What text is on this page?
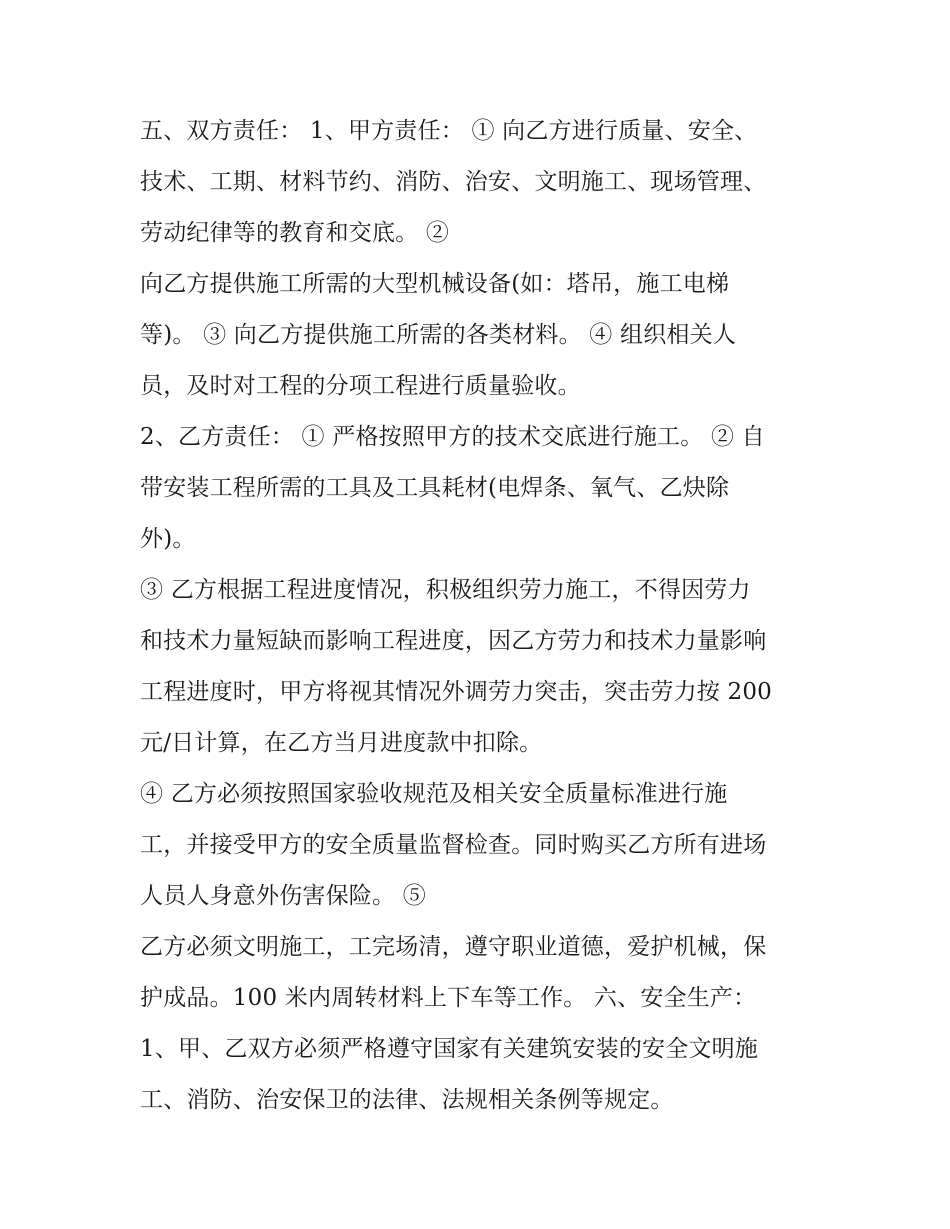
五、双方责任： 1、甲方责任： ① 向乙方进行质量、安全、
技术、工期、材料节约、消防、治安、文明施工、现场管理、
劳动纪律等的教育和交底。 ②
向乙方提供施工所需的大型机械设备(如：塔吊，施工电梯
等)。 ③ 向乙方提供施工所需的各类材料。 ④ 组织相关人
员，及时对工程的分项工程进行质量验收。
2、乙方责任： ① 严格按照甲方的技术交底进行施工。 ② 自
带安装工程所需的工具及工具耗材(电焊条、氧气、乙炔除
外)。
③ 乙方根据工程进度情况，积极组织劳力施工，不得因劳力
和技术力量短缺而影响工程进度，因乙方劳力和技术力量影响
工程进度时，甲方将视其情况外调劳力突击，突击劳力按 200
元/日计算，在乙方当月进度款中扣除。
④ 乙方必须按照国家验收规范及相关安全质量标准进行施
工，并接受甲方的安全质量监督检查。同时购买乙方所有进场
人员人身意外伤害保险。 ⑤
乙方必须文明施工，工完场清，遵守职业道德，爱护机械，保
护成品。100 米内周转材料上下车等工作。 六、安全生产：
1、甲、乙双方必须严格遵守国家有关建筑安装的安全文明施
工、消防、治安保卫的法律、法规相关条例等规定。
